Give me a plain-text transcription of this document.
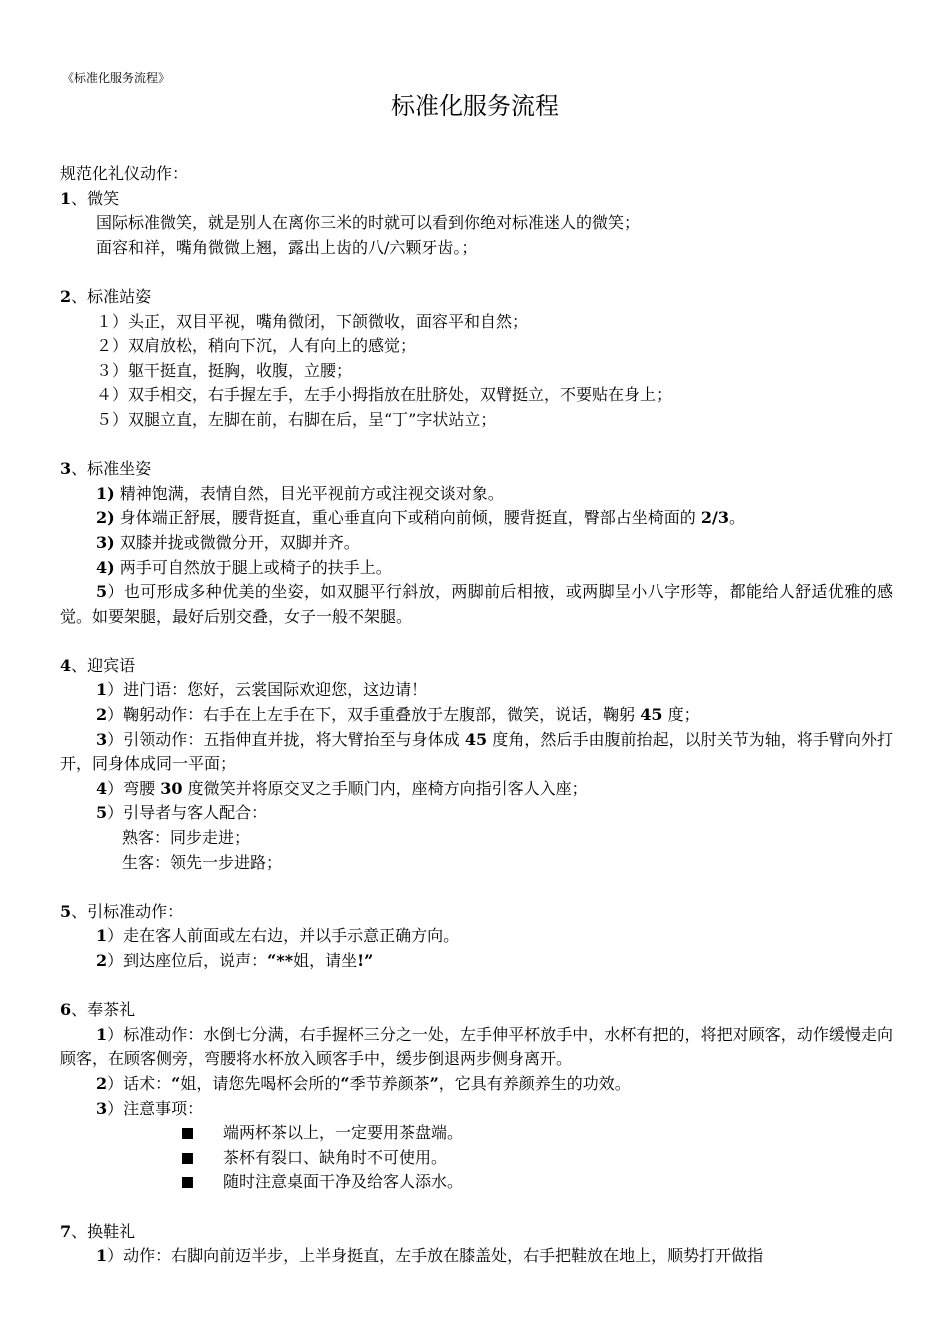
《标准化服务流程》
标准化服务流程

规范化礼仪动作：

1、微笑

国际标准微笑，就是别人在离你三米的时就可以看到你绝对标准迷人的微笑；

面容和祥，嘴角微微上翘，露出上齿的八/六颗牙齿。；

2、标准站姿

１）头正，双目平视，嘴角微闭，下颌微收，面容平和自然；

２）双肩放松，稍向下沉，人有向上的感觉；

３）躯干挺直，挺胸，收腹，立腰；

４）双手相交，右手握左手，左手小拇指放在肚脐处，双臂挺立，不要贴在身上；

５）双腿立直，左脚在前，右脚在后，呈“丁”字状站立；

3、标准坐姿

1) 精神饱满，表情自然，目光平视前方或注视交谈对象。

2) 身体端正舒展，腰背挺直，重心垂直向下或稍向前倾，腰背挺直，臀部占坐椅面的 2/3。

3) 双膝并拢或微微分开，双脚并齐。

4) 两手可自然放于腿上或椅子的扶手上。

5）也可形成多种优美的坐姿，如双腿平行斜放，两脚前后相掖，或两脚呈小八字形等，都能给人舒适优雅的感觉。如要架腿，最好后别交叠，女子一般不架腿。

4、迎宾语

1）进门语：您好，云裳国际欢迎您，这边请！

2）鞠躬动作：右手在上左手在下，双手重叠放于左腹部，微笑，说话，鞠躬 45 度；

3）引领动作：五指伸直并拢，将大臂抬至与身体成 45 度角，然后手由腹前抬起，以肘关节为轴，将手臂向外打开，同身体成同一平面；

4）弯腰 30 度微笑并将原交叉之手顺门内，座椅方向指引客人入座；

5）引导者与客人配合：

熟客：同步走进；

生客：领先一步进路；

5、引标准动作：

1）走在客人前面或左右边，并以手示意正确方向。

2）到达座位后，说声：“**姐，请坐!”

6、奉茶礼

1）标准动作：水倒七分满，右手握杯三分之一处，左手伸平杯放手中，水杯有把的，将把对顾客，动作缓慢走向顾客，在顾客侧旁，弯腰将水杯放入顾客手中，缓步倒退两步侧身离开。

2）话术：“姐，请您先喝杯会所的“季节养颜茶”，它具有养颜养生的功效。

3）注意事项：

端两杯茶以上，一定要用茶盘端。

茶杯有裂口、缺角时不可使用。

随时注意桌面干净及给客人添水。

7、换鞋礼

1）动作：右脚向前迈半步，上半身挺直，左手放在膝盖处，右手把鞋放在地上，顺势打开做指
